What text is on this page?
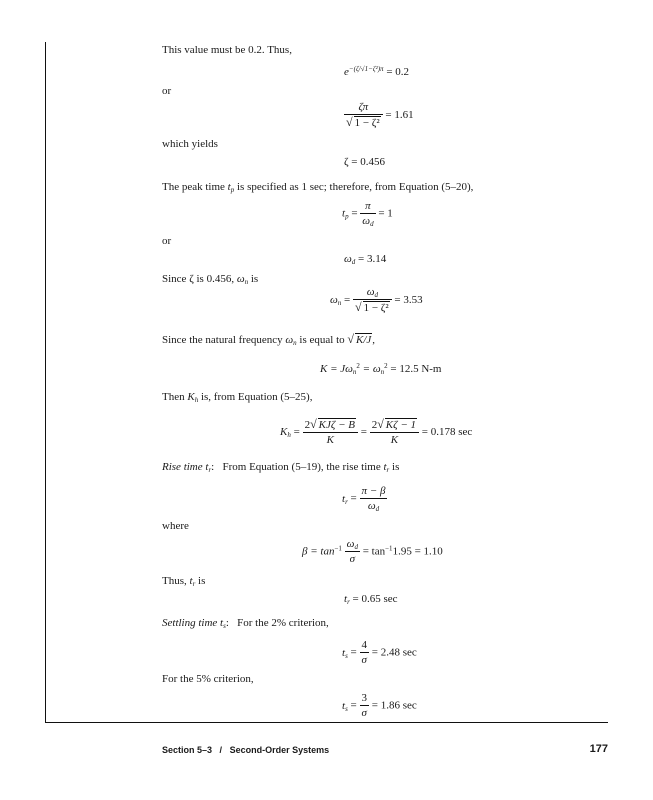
This value must be 0.2. Thus,
$e^{-(\zeta/√1-\zeta^2)\pi} = 0.2$
or
$\frac{\zeta\pi}{\text{√ 1 − ζ²}} = 1.61$
which yields
ζ = 0.456
The peak time $t_p$ is specified as 1 sec; therefore, from Equation (5–20),
$t_p = \frac{\pi}{\omega_d} = 1$
or
$\omega_d = 3.14$
Since ζ is 0.456, $\omega_n$ is
$\omega_n = \frac{\omega_d}{\text{√ 1 − ζ²}} = 3.53$
Since the natural frequency $\omega_n$ is equal to √ K/J,
$K = J\omega_n^2 = \omega_n^2 = 12.5$ N-m
Then $K_h$ is, from Equation (5–25),
$K_h = \frac{\text{2√ KJζ − B}}{K} = \frac{2√ K\zeta - 1}{K} = 0.178$ sec
Rise time $t_r$:   From Equation (5–19), the rise time $t_r$ is
$t_r = \frac{\pi - \beta}{\omega_d}$
where
$\beta = \tan^{-1} \frac{\omega_d}{\sigma} = \tan^{-1}1.95 = 1.10$
Thus, $t_r$ is
$t_r = 0.65$ sec
Settling time $t_s$:   For the 2% criterion,
$t_s = \frac{4}{\sigma} = 2.48$ sec
For the 5% criterion,
$t_s = \frac{3}{\sigma} = 1.86$ sec
Section 5–3 / Second-Order Systems	177
